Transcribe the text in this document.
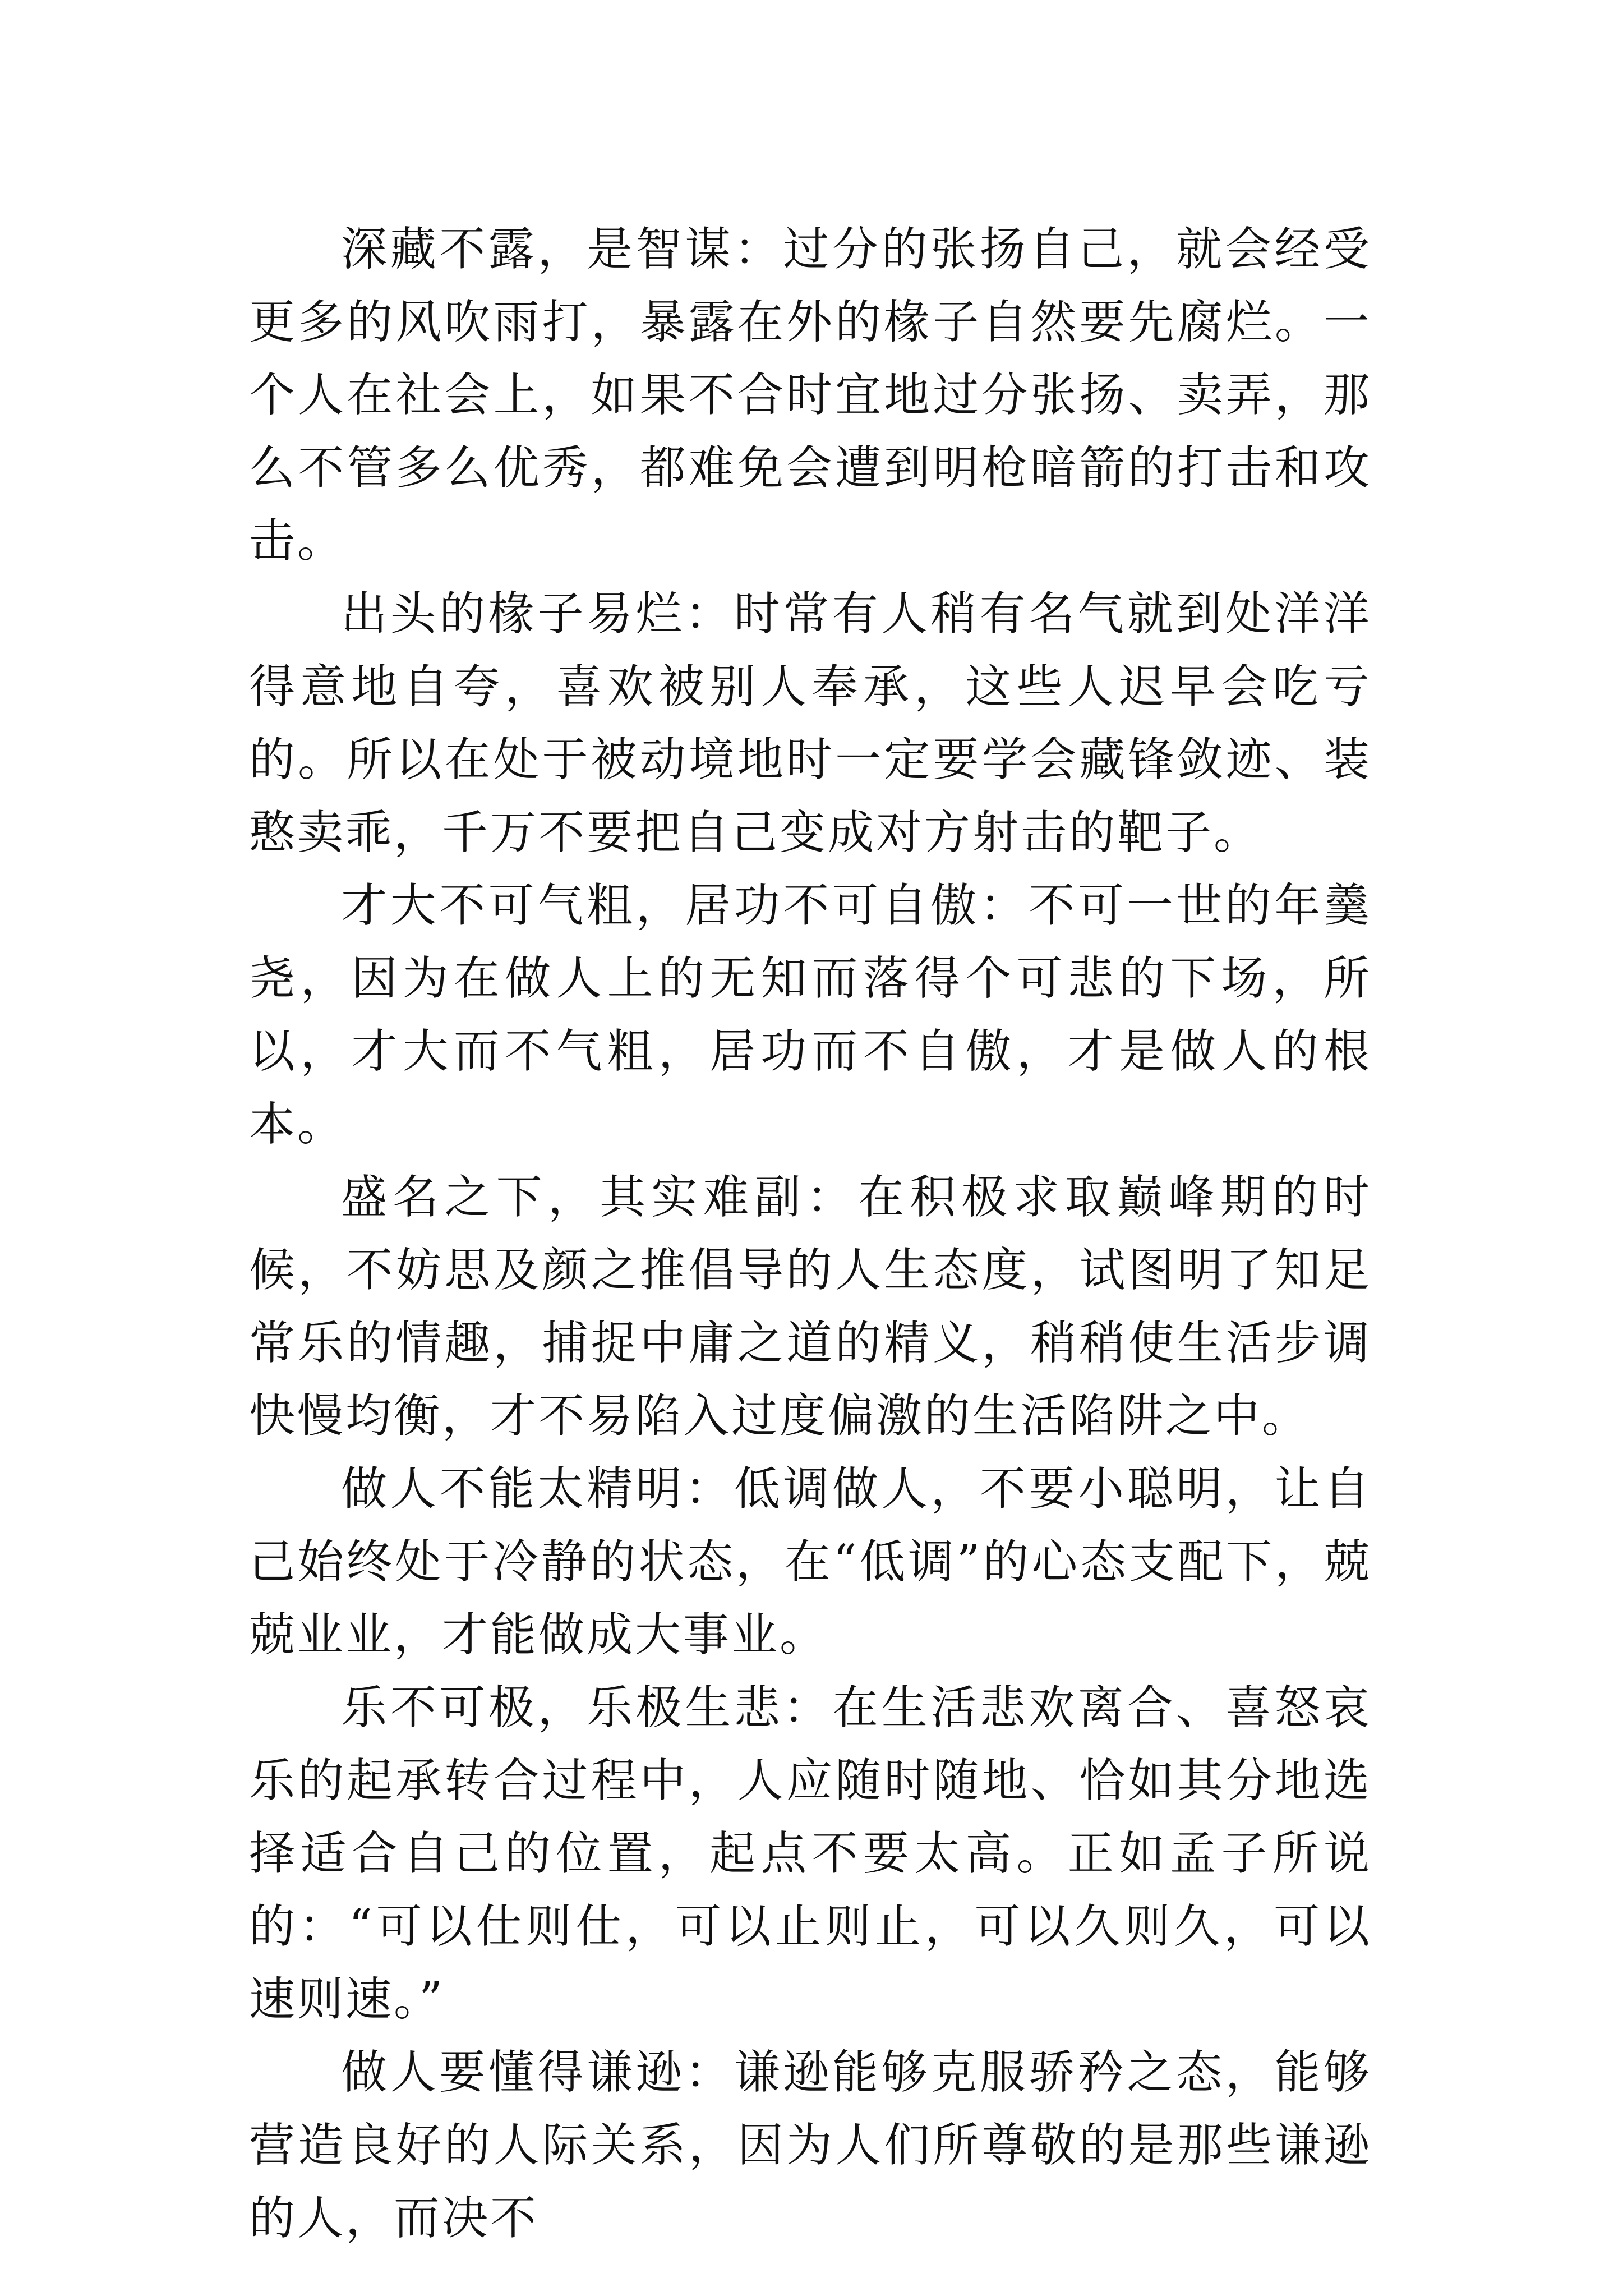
深藏不露，是智谋：过分的张扬自己，就会经受更多的风吹雨打，暴露在外的椽子自然要先腐烂。一个人在社会上，如果不合时宜地过分张扬、卖弄，那么不管多么优秀，都难免会遭到明枪暗箭的打击和攻击。

出头的椽子易烂：时常有人稍有名气就到处洋洋得意地自夸，喜欢被别人奉承，这些人迟早会吃亏的。所以在处于被动境地时一定要学会藏锋敛迹、装憨卖乖，千万不要把自己变成对方射击的靶子。

才大不可气粗，居功不可自傲：不可一世的年羹尧，因为在做人上的无知而落得个可悲的下场，所以，才大而不气粗，居功而不自傲，才是做人的根本。

盛名之下，其实难副：在积极求取巅峰期的时候，不妨思及颜之推倡导的人生态度，试图明了知足常乐的情趣，捕捉中庸之道的精义，稍稍使生活步调快慢均衡，才不易陷入过度偏激的生活陷阱之中。

做人不能太精明：低调做人，不要小聪明，让自己始终处于冷静的状态，在“低调”的心态支配下，兢兢业业，才能做成大事业。

乐不可极，乐极生悲：在生活悲欢离合、喜怒哀乐的起承转合过程中，人应随时随地、恰如其分地选择适合自己的位置，起点不要太高。正如孟子所说的：“可以仕则仕，可以止则止，可以久则久，可以速则速。”

做人要懂得谦逊：谦逊能够克服骄矜之态，能够营造良好的人际关系，因为人们所尊敬的是那些谦逊的人，而决不
